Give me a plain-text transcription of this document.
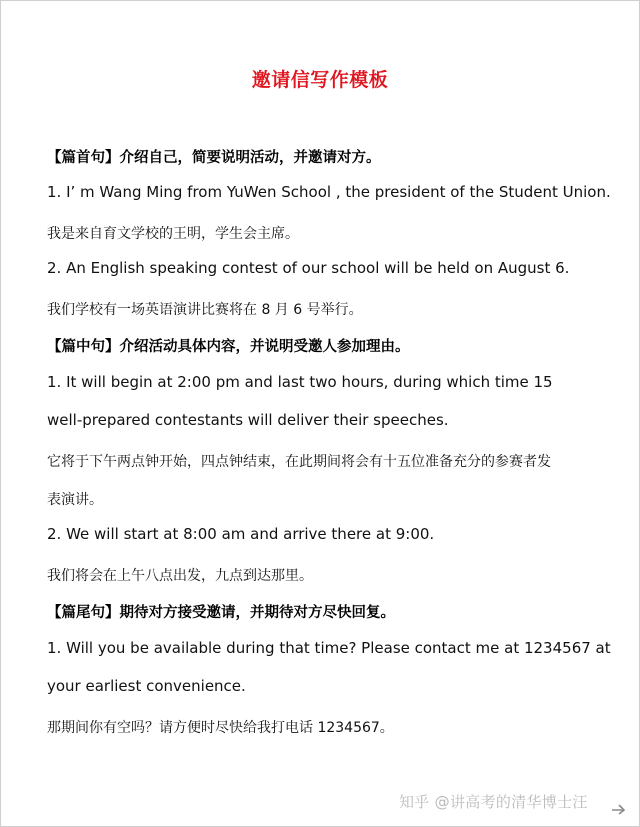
邀请信写作模板
【篇首句】介绍自己，简要说明活动，并邀请对方。
1. I’ m Wang Ming from YuWen School , the president of the Student Union.
我是来自育文学校的王明，学生会主席。
2. An English speaking contest of our school will be held on August 6.
我们学校有一场英语演讲比赛将在 8 月 6 号举行。
【篇中句】介绍活动具体内容，并说明受邀人参加理由。
1. It will begin at 2:00 pm and last two hours, during which time 15
well-prepared contestants will deliver their speeches.
它将于下午两点钟开始，四点钟结束，在此期间将会有十五位准备充分的参赛者发
表演讲。
2. We will start at 8:00 am and arrive there at 9:00.
我们将会在上午八点出发，九点到达那里。
【篇尾句】期待对方接受邀请，并期待对方尽快回复。
1. Will you be available during that time? Please contact me at 1234567 at
your earliest convenience.
那期间你有空吗？请方便时尽快给我打电话 1234567。
知乎 @讲高考的清华博士汪
